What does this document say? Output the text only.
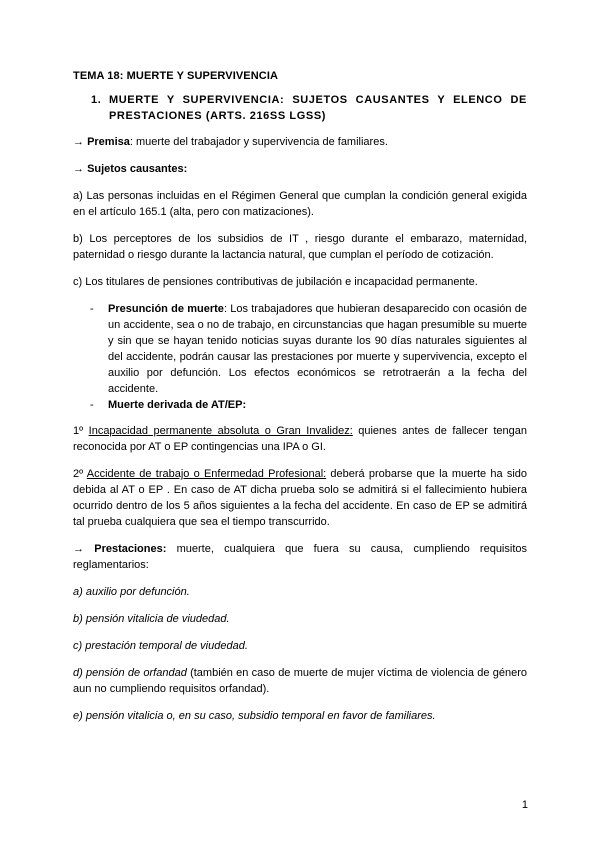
TEMA 18: MUERTE Y SUPERVIVENCIA
1. MUERTE Y SUPERVIVENCIA: SUJETOS CAUSANTES Y ELENCO DE PRESTACIONES (ARTS. 216SS LGSS)

→ Premisa: muerte del trabajador y supervivencia de familiares.

→ Sujetos causantes:

a) Las personas incluidas en el Régimen General que cumplan la condición general exigida en el artículo 165.1 (alta, pero con matizaciones).

b) Los perceptores de los subsidios de IT , riesgo durante el embarazo, maternidad, paternidad o riesgo durante la lactancia natural, que cumplan el período de cotización.

c) Los titulares de pensiones contributivas de jubilación e incapacidad permanente.

-	Presunción de muerte: Los trabajadores que hubieran desaparecido con ocasión de un accidente, sea o no de trabajo, en circunstancias que hagan presumible su muerte y sin que se hayan tenido noticias suyas durante los 90 días naturales siguientes al del accidente, podrán causar las prestaciones por muerte y supervivencia, excepto el auxilio por defunción. Los efectos económicos se retrotraerán a la fecha del accidente.
-	Muerte derivada de AT/EP:

1º Incapacidad permanente absoluta o Gran Invalidez: quienes antes de fallecer tengan reconocida por AT o EP contingencias una IPA o GI.

2º Accidente de trabajo o Enfermedad Profesional: deberá probarse que la muerte ha sido debida al AT o EP . En caso de AT dicha prueba solo se admitirá si el fallecimiento hubiera ocurrido dentro de los 5 años siguientes a la fecha del accidente. En caso de EP se admitirá tal prueba cualquiera que sea el tiempo transcurrido.

→ Prestaciones: muerte, cualquiera que fuera su causa, cumpliendo requisitos reglamentarios:

a) auxilio por defunción.

b) pensión vitalicia de viudedad.

c) prestación temporal de viudedad.

d) pensión de orfandad (también en caso de muerte de mujer víctima de violencia de género aun no cumpliendo requisitos orfandad).

e) pensión vitalicia o, en su caso, subsidio temporal en favor de familiares.

1
